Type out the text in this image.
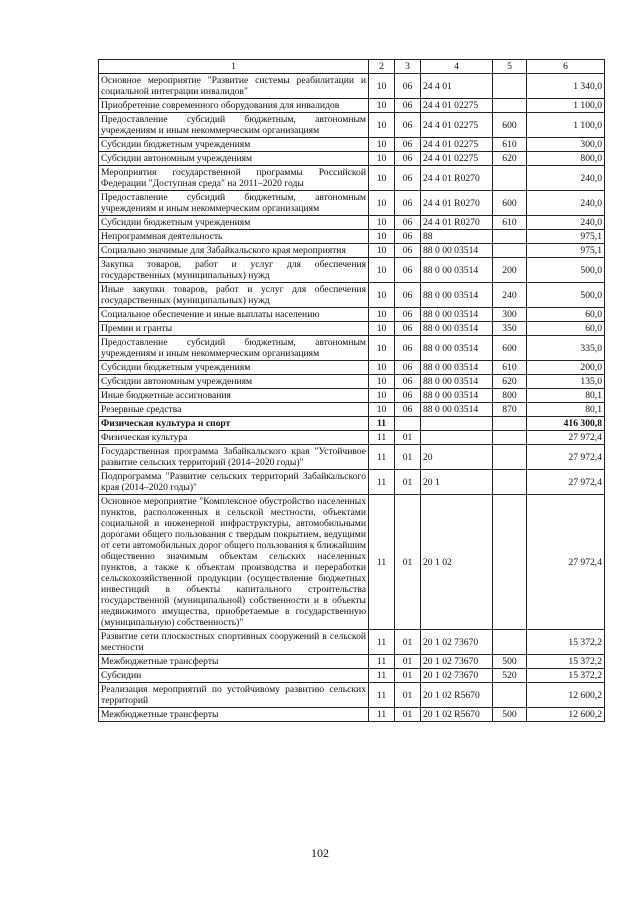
1	2	3	4	5	6
Основное мероприятие "Развитие системы реабилитации и социальной интеграции инвалидов"	10	06	24 4 01		1 340,0
Приобретение современного оборудования для инвалидов	10	06	24 4 01 02275		1 100,0
Предоставление субсидий бюджетным, автономным учреждениям и иным некоммерческим организациям	10	06	24 4 01 02275	600	1 100,0
Субсидии бюджетным учреждениям	10	06	24 4 01 02275	610	300,0
Субсидии автономным учреждениям	10	06	24 4 01 02275	620	800,0
Мероприятия государственной программы Российской Федерации "Доступная среда" на 2011–2020 годы	10	06	24 4 01 R0270		240,0
Предоставление субсидий бюджетным, автономным учреждениям и иным некоммерческим организациям	10	06	24 4 01 R0270	600	240,0
Субсидии бюджетным учреждениям	10	06	24 4 01 R0270	610	240,0
Непрограммная деятельность	10	06	88		975,1
Социально значимые для Забайкальского края мероприятия	10	06	88 0 00 03514		975,1
Закупка товаров, работ и услуг для обеспечения государственных (муниципальных) нужд	10	06	88 0 00 03514	200	500,0
Иные закупки товаров, работ и услуг для обеспечения государственных (муниципальных) нужд	10	06	88 0 00 03514	240	500,0
Социальное обеспечение и иные выплаты населению	10	06	88 0 00 03514	300	60,0
Премии и гранты	10	06	88 0 00 03514	350	60,0
Предоставление субсидий бюджетным, автономным учреждениям и иным некоммерческим организациям	10	06	88 0 00 03514	600	335,0
Субсидии бюджетным учреждениям	10	06	88 0 00 03514	610	200,0
Субсидии автономным учреждениям	10	06	88 0 00 03514	620	135,0
Иные бюджетные ассигнования	10	06	88 0 00 03514	800	80,1
Резервные средства	10	06	88 0 00 03514	870	80,1
Физическая культура и спорт	11				416 300,8
Физическая культура	11	01			27 972,4
Государственная программа Забайкальского края "Устойчивое развитие сельских территорий (2014–2020 годы)"	11	01	20		27 972,4
Подпрограмма "Развитие сельских территорий Забайкальского края (2014–2020 годы)"	11	01	20 1		27 972,4
Основное мероприятие "Комплексное обустройство населенных пунктов, расположенных в сельской местности, объектами социальной и инженерной инфраструктуры, автомобильными дорогами общего пользования с твердым покрытием, ведущими от сети автомобильных дорог общего пользования к ближайшим общественно значимым объектам сельских населенных пунктов, а также к объектам производства и переработки сельскохозяйственной продукции (осуществление бюджетных инвестиций в объекты капитального строительства государственной (муниципальной) собственности и в объекты недвижимого имущества, приобретаемые в государственную (муниципальную) собственность)"	11	01	20 1 02		27 972,4
Развитие сети плоскостных спортивных сооружений в сельской местности	11	01	20 1 02 73670		15 372,2
Межбюджетные трансферты	11	01	20 1 02 73670	500	15 372,2
Субсидии	11	01	20 1 02 73670	520	15 372,2
Реализация мероприятий по устойчивому развитию сельских территорий	11	01	20 1 02 R5670		12 600,2
Межбюджетные трансферты	11	01	20 1 02 R5670	500	12 600,2
102
